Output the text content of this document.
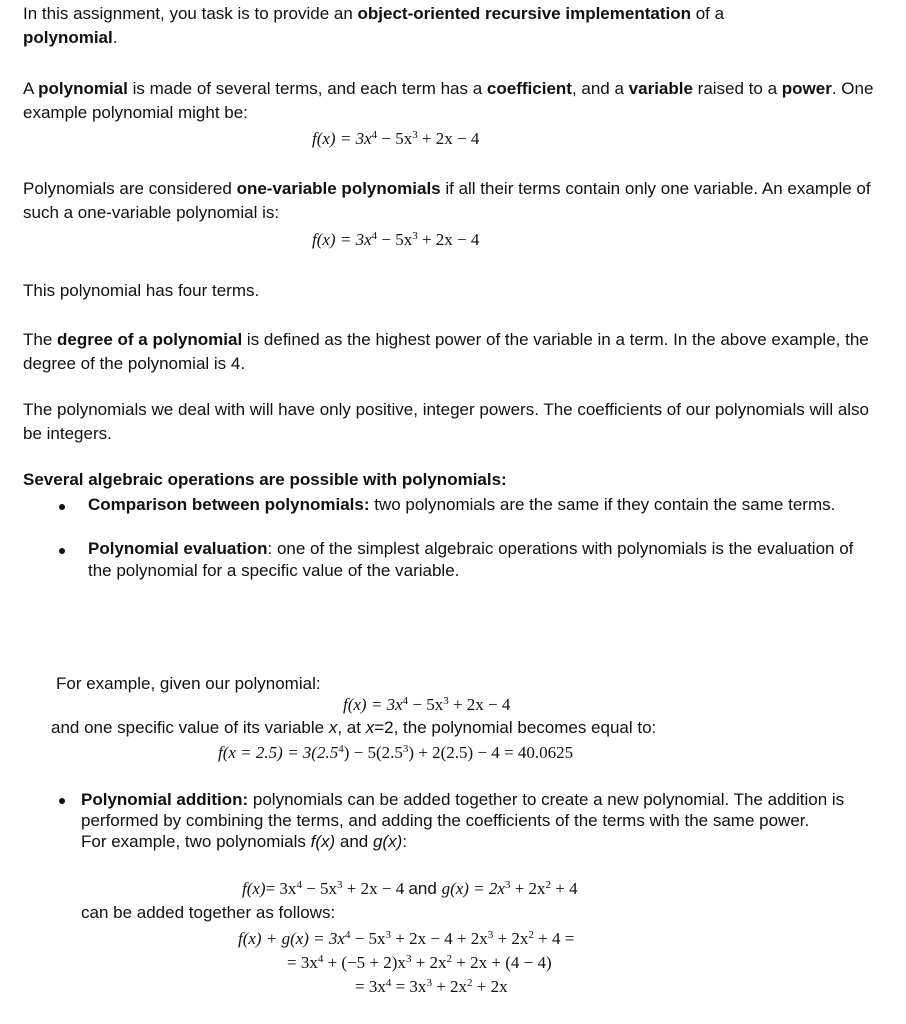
In this assignment, you task is to provide an object-oriented recursive implementation of a
polynomial.

A polynomial is made of several terms, and each term has a coefficient, and a variable raised to a power. One example polynomial might be:

$f(x) = 3x^4 - 5x^3 + 2x - 4$

Polynomials are considered one-variable polynomials if all their terms contain only one variable. An example of such a one-variable polynomial is:

$f(x) = 3x^4 - 5x^3 + 2x - 4$

This polynomial has four terms.

The degree of a polynomial is defined as the highest power of the variable in a term. In the above example, the degree of the polynomial is 4.

The polynomials we deal with will have only positive, integer powers. The coefficients of our polynomials will also be integers.

Several algebraic operations are possible with polynomials:

Comparison between polynomials: two polynomials are the same if they contain the same terms.

Polynomial evaluation: one of the simplest algebraic operations with polynomials is the evaluation of the polynomial for a specific value of the variable.

For example, given our polynomial:

$f(x) = 3x^4 - 5x^3 + 2x - 4$

and one specific value of its variable x, at x=2, the polynomial becomes equal to:

$f(x = 2.5) = 3(2.5^4) - 5(2.5^3) + 2(2.5) - 4 = 40.0625$

Polynomial addition: polynomials can be added together to create a new polynomial. The addition is performed by combining the terms, and adding the coefficients of the terms with the same power.
For example, two polynomials f(x) and g(x):

$f(x)= 3x^4 - 5x^3 + 2x - 4$ and $g(x) = 2x^3 + 2x^2 + 4$

can be added together as follows:

$f(x) + g(x) = 3x^4 - 5x^3 + 2x - 4 + 2x^3 + 2x^2 + 4$ =
= $3x^4 + (-5 + 2)x^3 + 2x^2 + 2x + (4 - 4)$
= $3x^4 = 3x^3 + 2x^2 + 2x$
